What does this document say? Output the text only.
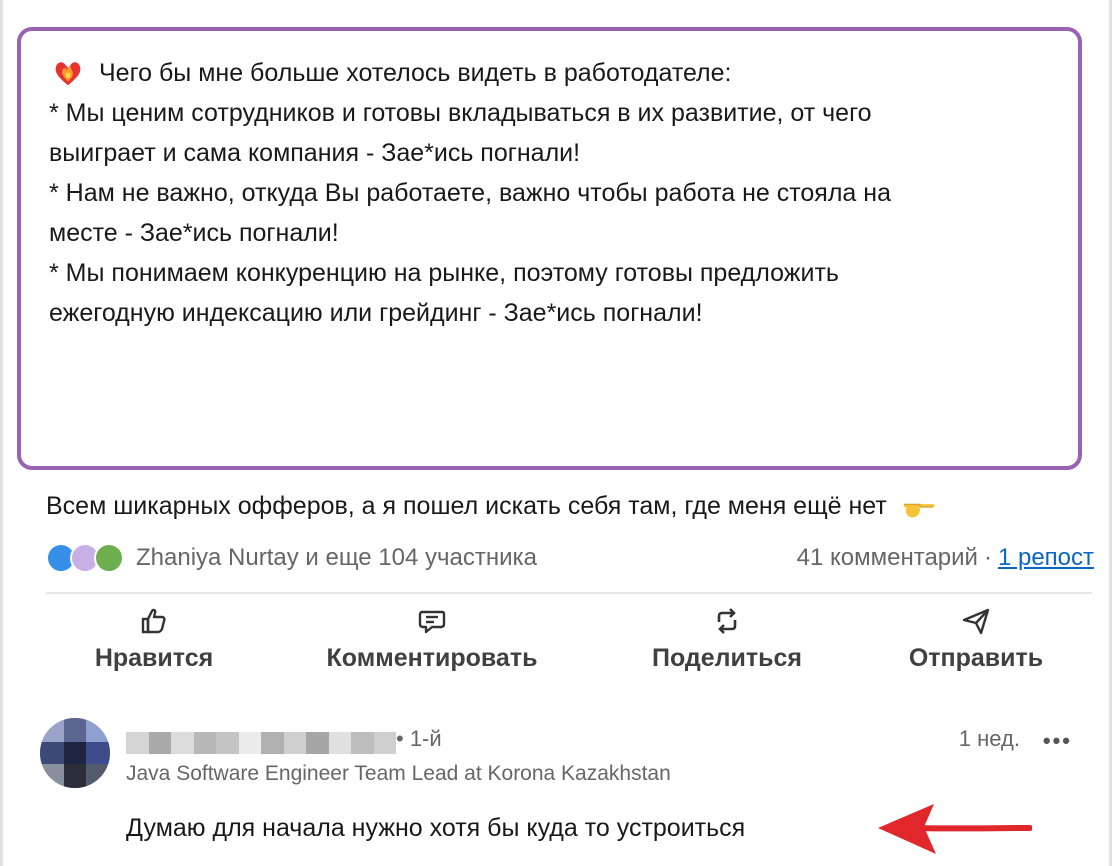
Чего бы мне больше хотелось видеть в работодателе:
* Мы ценим сотрудников и готовы вкладываться в их развитие, от чего
выиграет и сама компания - Зае*ись погнали!
* Нам не важно, откуда Вы работаете, важно чтобы работа не стояла на
месте - Зае*ись погнали!
* Мы понимаем конкуренцию на рынке, поэтому готовы предложить
ежегодную индексацию или грейдинг - Зае*ись погнали!
Всем шикарных офферов, а я пошел искать себя там, где меня ещё нет
Zhaniya Nurtay и еще 104 участника	41 комментарий · 1 репост
Нравится	Комментировать	Поделиться	Отправить
• 1-й	1 нед. •••
Java Software Engineer Team Lead at Korona Kazakhstan
Думаю для начала нужно хотя бы куда то устроиться
